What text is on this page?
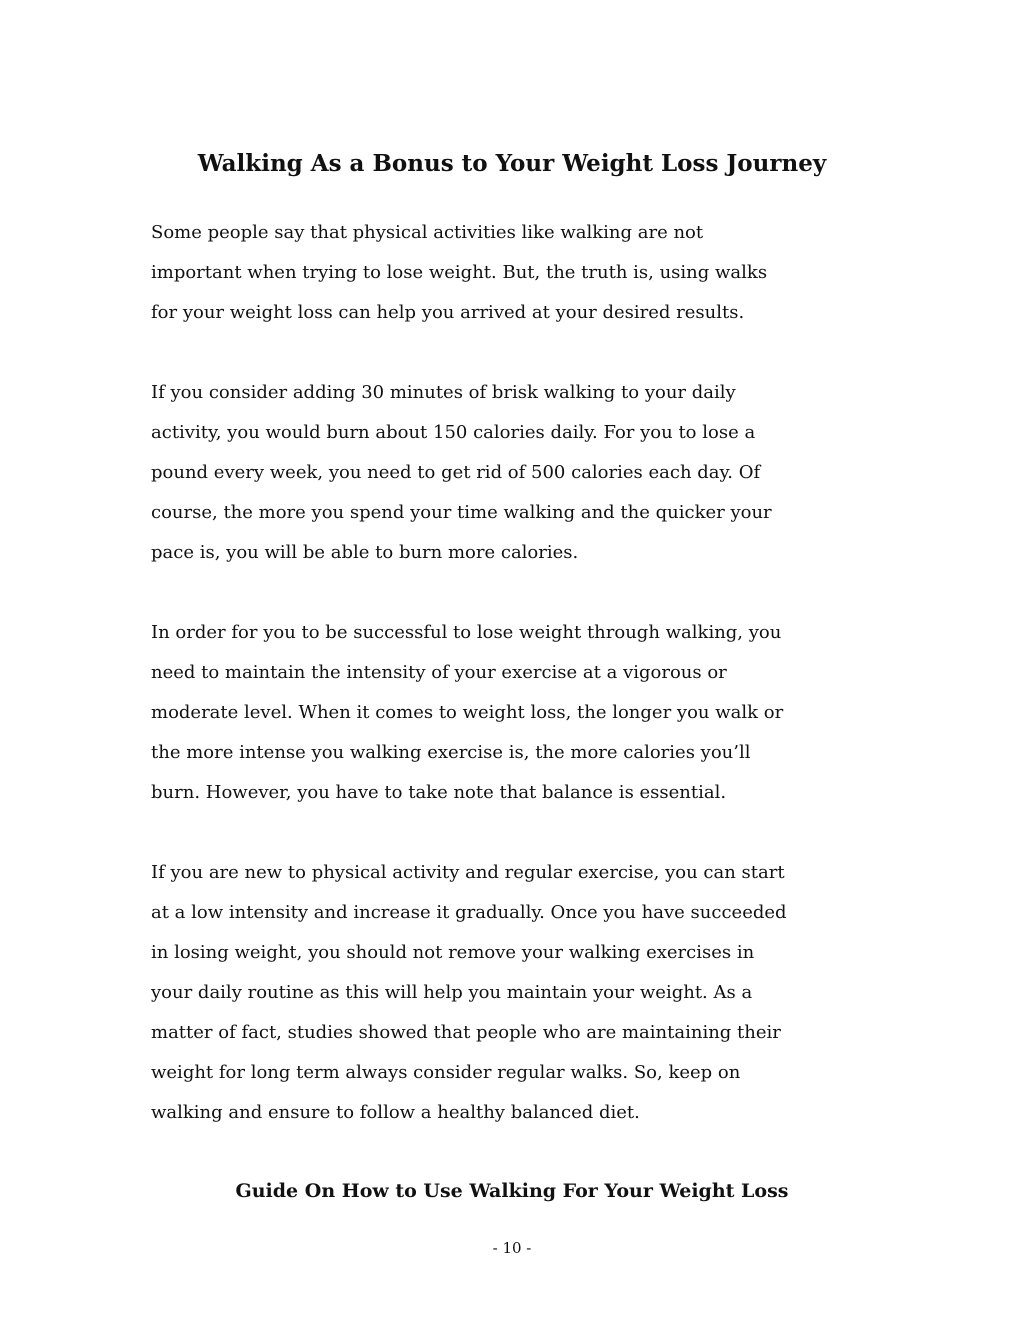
Walking As a Bonus to Your Weight Loss Journey

Some people say that physical activities like walking are not
important when trying to lose weight. But, the truth is, using walks
for your weight loss can help you arrived at your desired results.

If you consider adding 30 minutes of brisk walking to your daily
activity, you would burn about 150 calories daily. For you to lose a
pound every week, you need to get rid of 500 calories each day. Of
course, the more you spend your time walking and the quicker your
pace is, you will be able to burn more calories.

In order for you to be successful to lose weight through walking, you
need to maintain the intensity of your exercise at a vigorous or
moderate level. When it comes to weight loss, the longer you walk or
the more intense you walking exercise is, the more calories you’ll
burn. However, you have to take note that balance is essential.

If you are new to physical activity and regular exercise, you can start
at a low intensity and increase it gradually. Once you have succeeded
in losing weight, you should not remove your walking exercises in
your daily routine as this will help you maintain your weight. As a
matter of fact, studies showed that people who are maintaining their
weight for long term always consider regular walks. So, keep on
walking and ensure to follow a healthy balanced diet.

Guide On How to Use Walking For Your Weight Loss
- 10 -
